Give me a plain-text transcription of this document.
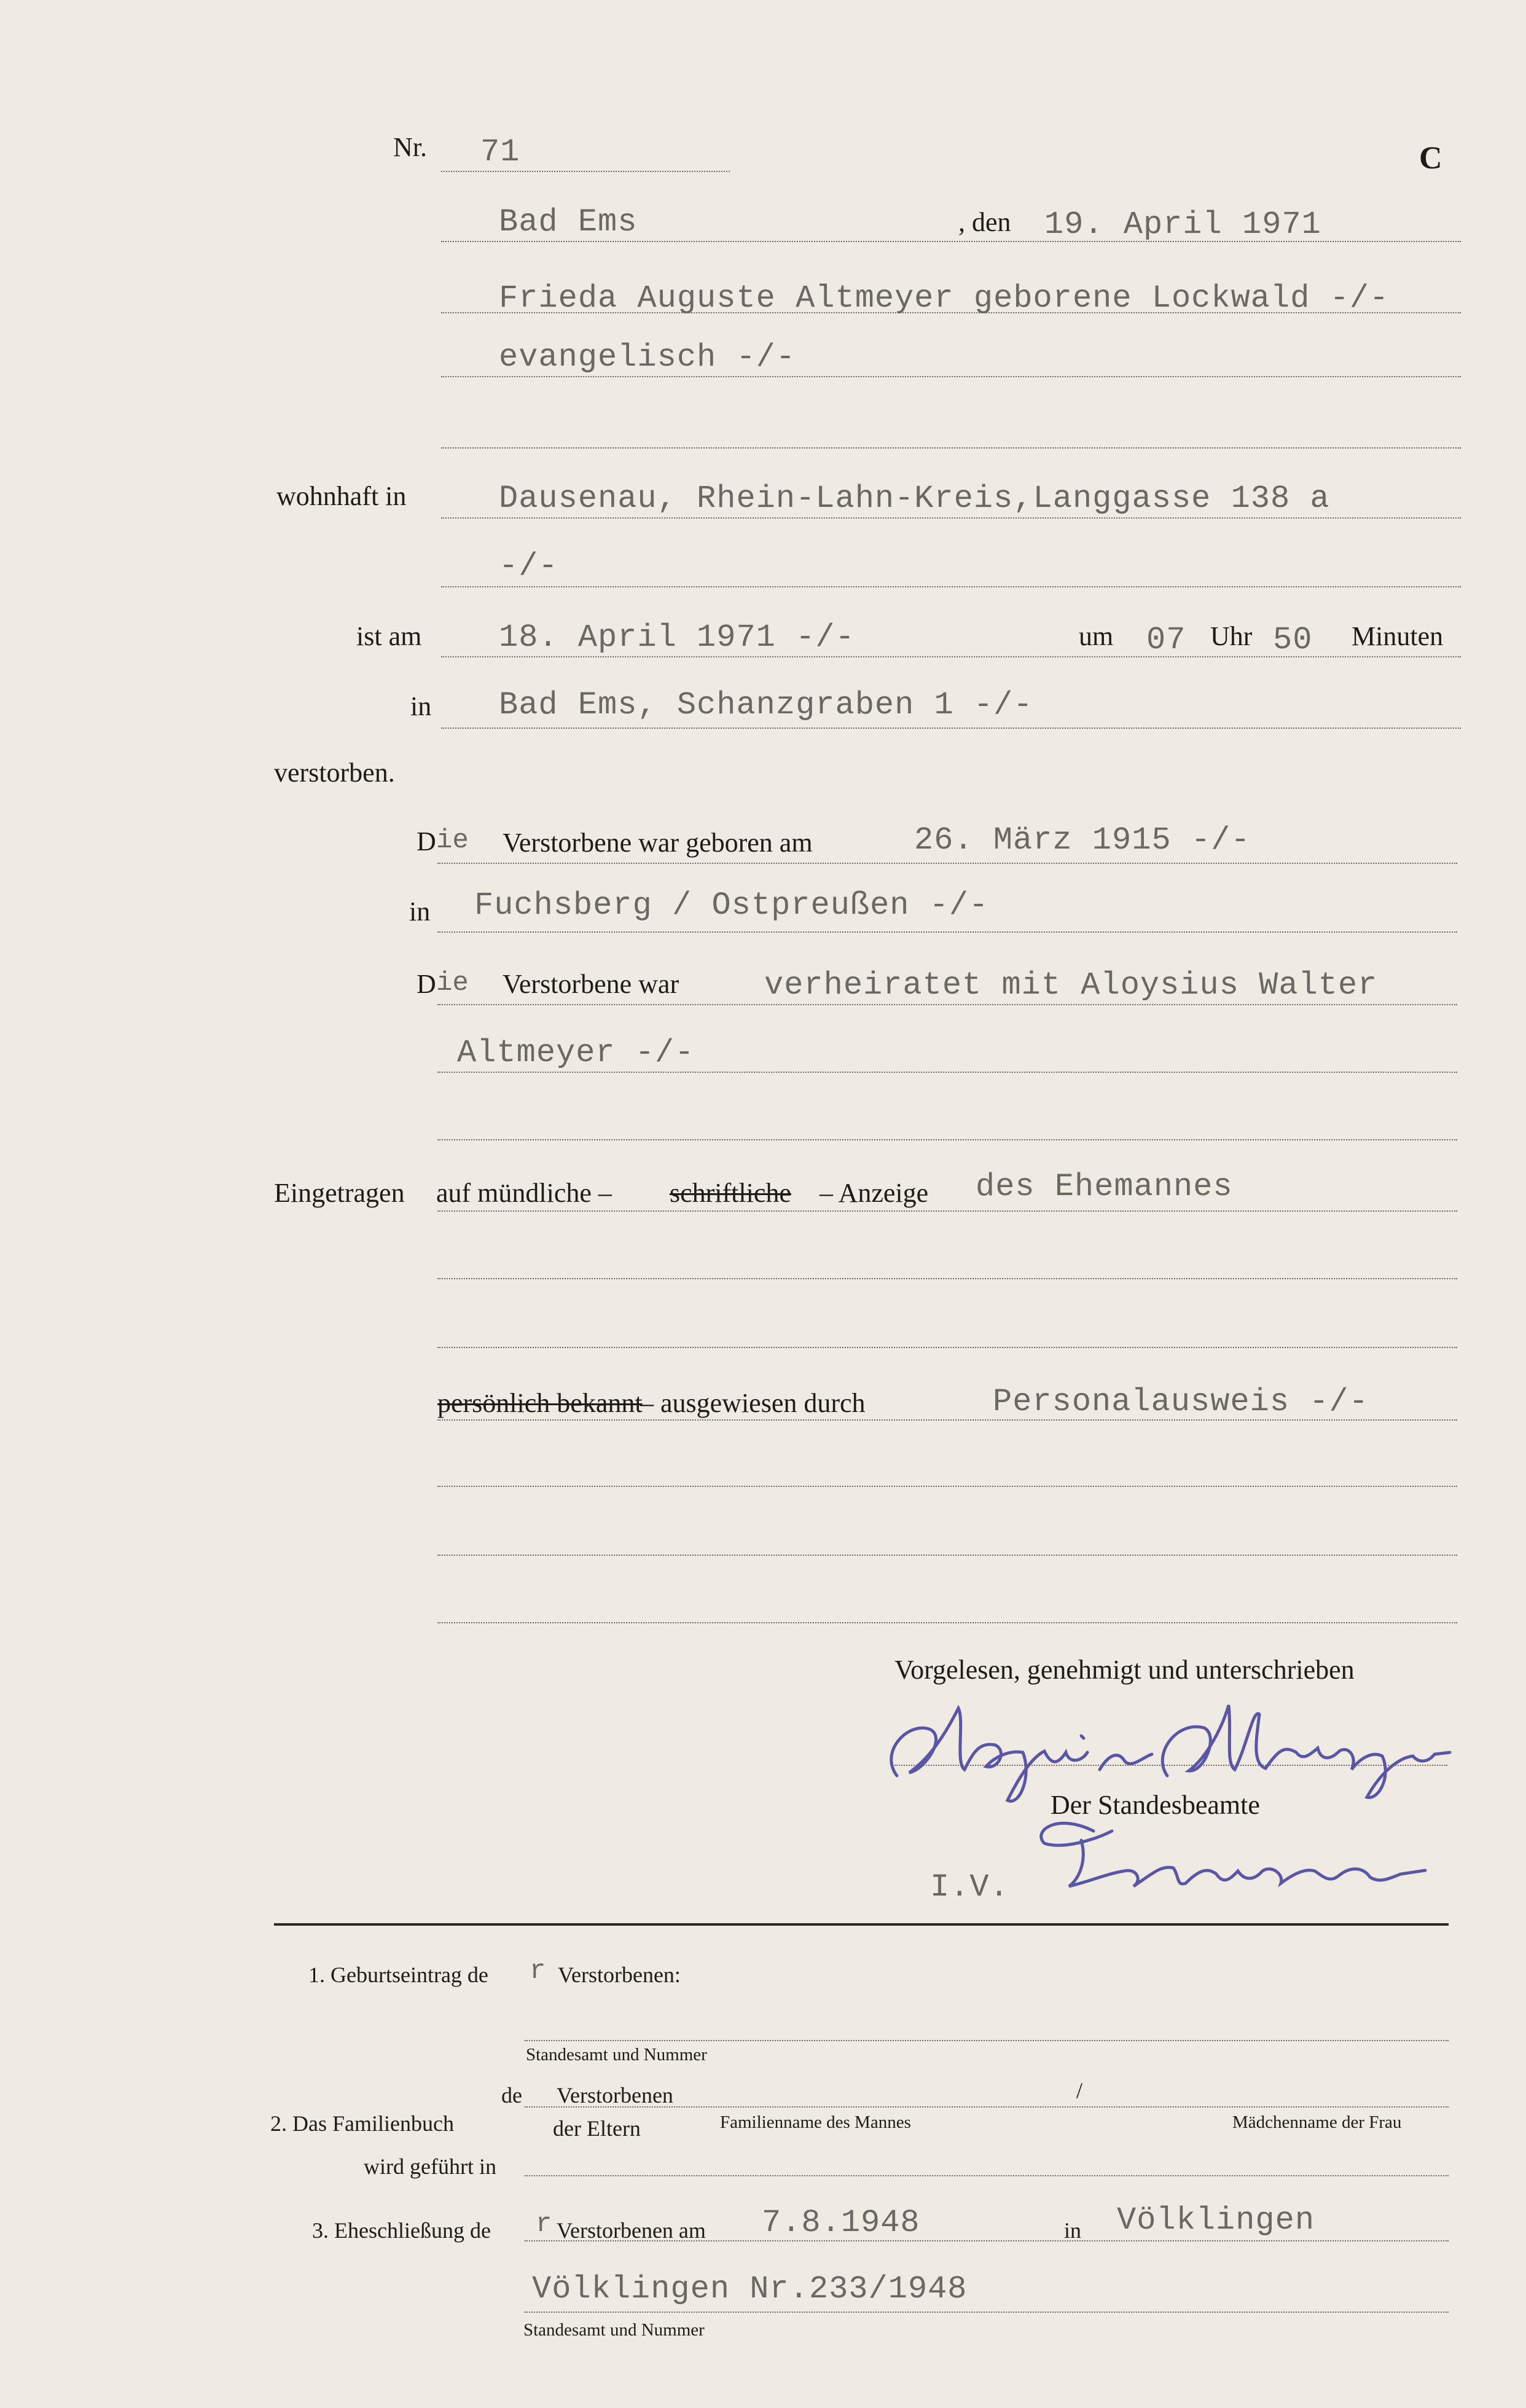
Nr. 71	C
Bad Ems	, den 19. April 1971
Frieda Auguste Altmeyer geborene Lockwald -/-
evangelisch -/-
wohnhaft in	Dausenau, Rhein-Lahn-Kreis,Langgasse 138 a
-/-
ist am 18. April 1971 -/-	um 07 Uhr 50 Minuten
in Bad Ems, Schanzgraben 1 -/-
verstorben.
D ie Verstorbene war geboren am	26. März 1915 -/-
in Fuchsberg / Ostpreußen -/-
D ie Verstorbene war	verheiratet mit Aloysius Walter
Altmeyer -/-
Eingetragen auf mündliche – schriftliche – Anzeige des Ehemannes
persönlich bekannt
– ausgewiesen durch	Personalausweis -/-
Vorgelesen, genehmigt und unterschrieben
Der Standesbeamte
I.V.
1. Geburtseintrag de r Verstorbenen:
Standesamt und Nummer
de Verstorbenen	/
2. Das Familienbuch	der Eltern	Familienname des Mannes	Mädchenname der Frau
wird geführt in
3. Eheschließung de r Verstorbenen am 7.8.1948	in Völklingen
Völklingen Nr.233/1948
Standesamt und Nummer
